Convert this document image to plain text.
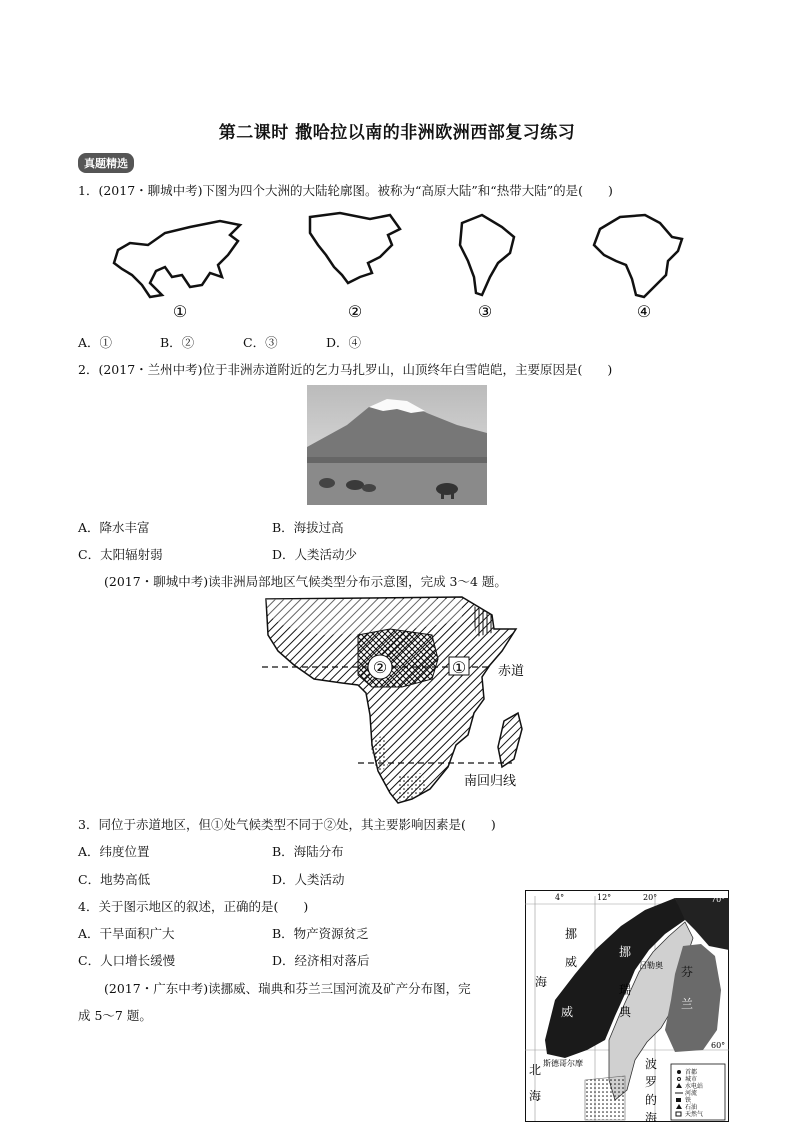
第二课时 撒哈拉以南的非洲欧洲西部复习练习
真题精选
1．(2017・聊城中考)下图为四个大洲的大陆轮廓图。被称为“高原大陆”和“热带大陆”的是(　　)
①	②	③	④
A．①	B．②	C．③	D．④
2．(2017・兰州中考)位于非洲赤道附近的乞力马扎罗山，山顶终年白雪皑皑，主要原因是(　　)
A．降水丰富	B．海拔过高
C．太阳辐射弱	D．人类活动少
(2017・聊城中考)读非洲局部地区气候类型分布示意图，完成 3～4 题。
②	① 赤道
南回归线
3．同位于赤道地区，但①处气候类型不同于②处，其主要影响因素是(　　)
A．纬度位置	B．海陆分布
C．地势高低	D．人类活动
4．关于图示地区的叙述，正确的是(　　)
A．干旱面积广大	B．物产资源贫乏
C．人口增长缓慢	D．经济相对落后
(2017・广东中考)读挪威、瑞典和芬兰三国河流及矿产分布图，完
成 5～7 题。
4°	12°	20°	70°
60°
挪
威
挪
瑞
典
芬
兰
威
海
北
海
波
罗
的
海
吕勒奥
斯德哥尔摩
首都
城市
水电站
河流
铁
石油
天然气
